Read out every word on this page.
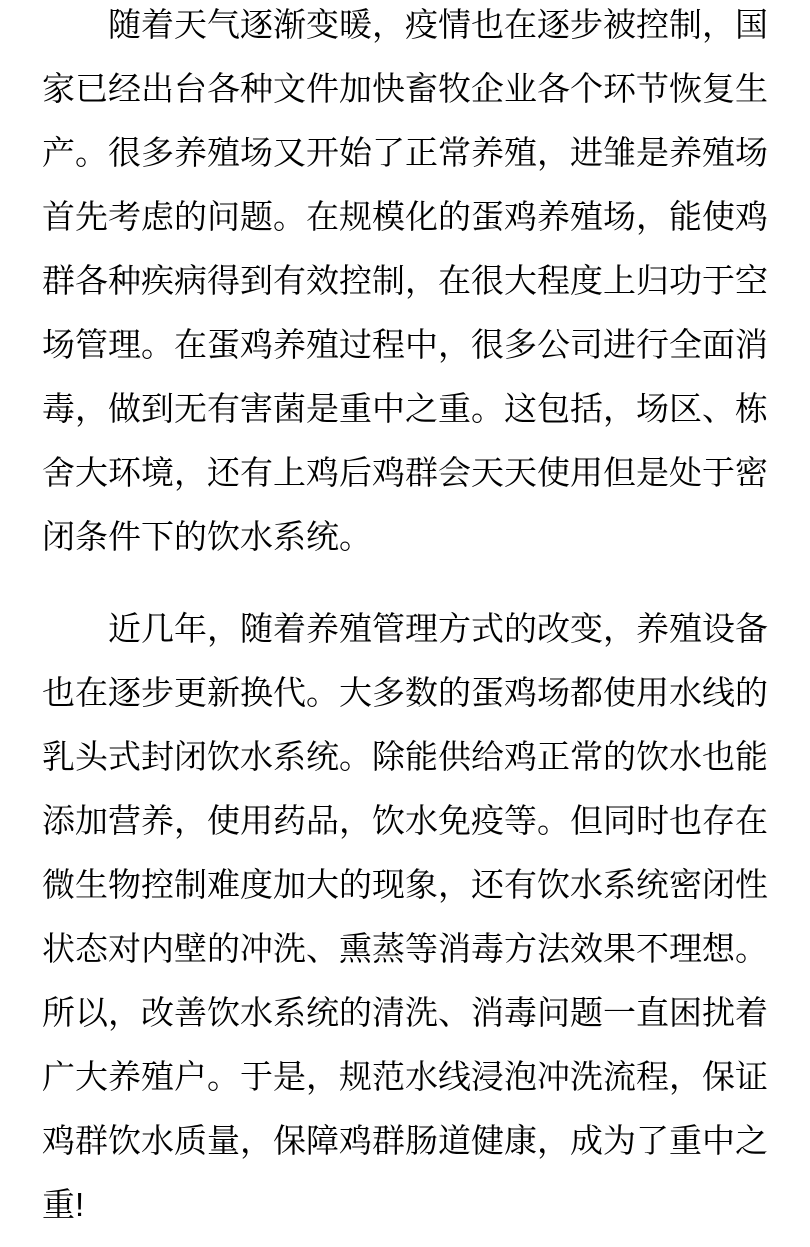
随着天气逐渐变暖，疫情也在逐步被控制，国
家已经出台各种文件加快畜牧企业各个环节恢复生
产。很多养殖场又开始了正常养殖，进雏是养殖场
首先考虑的问题。在规模化的蛋鸡养殖场，能使鸡
群各种疾病得到有效控制，在很大程度上归功于空
场管理。在蛋鸡养殖过程中，很多公司进行全面消
毒，做到无有害菌是重中之重。这包括，场区、栋
舍大环境，还有上鸡后鸡群会天天使用但是处于密
闭条件下的饮水系统。

近几年，随着养殖管理方式的改变，养殖设备
也在逐步更新换代。大多数的蛋鸡场都使用水线的
乳头式封闭饮水系统。除能供给鸡正常的饮水也能
添加营养，使用药品，饮水免疫等。但同时也存在
微生物控制难度加大的现象，还有饮水系统密闭性
状态对内壁的冲洗、熏蒸等消毒方法效果不理想。
所以，改善饮水系统的清洗、消毒问题一直困扰着
广大养殖户。于是，规范水线浸泡冲洗流程，保证
鸡群饮水质量，保障鸡群肠道健康，成为了重中之
重!
